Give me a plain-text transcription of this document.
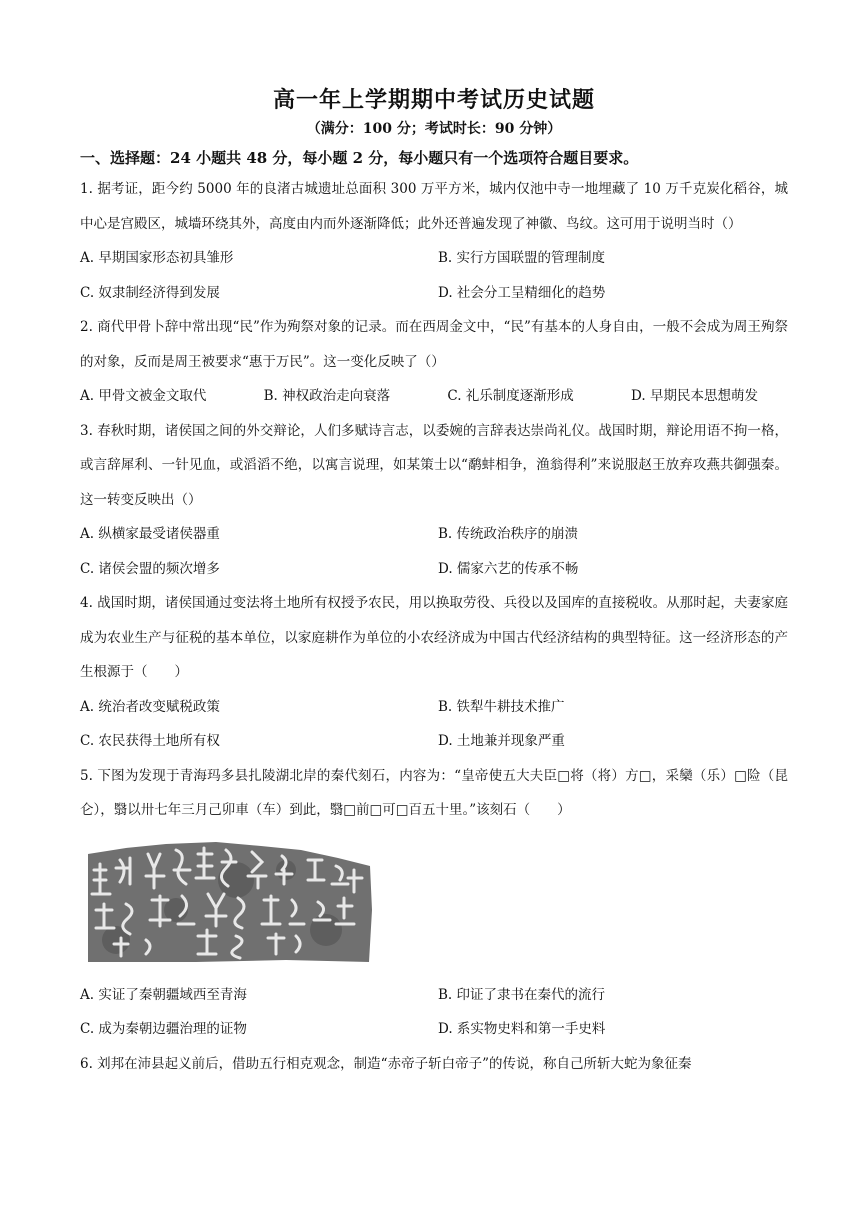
高一年上学期期中考试历史试题
（满分：100 分；考试时长：90 分钟）
一、选择题：24 小题共 48 分，每小题 2 分，每小题只有一个选项符合题目要求。

1. 据考证，距今约 5000 年的良渚古城遗址总面积 300 万平方米，城内仅池中寺一地埋藏了 10 万千克炭化稻谷，城中心是宫殿区，城墙环绕其外，高度由内而外逐渐降低；此外还普遍发现了神徽、鸟纹。这可用于说明当时（）

A. 早期国家形态初具雏形	B. 实行方国联盟的管理制度
C. 奴隶制经济得到发展	D. 社会分工呈精细化的趋势

2. 商代甲骨卜辞中常出现“民”作为殉祭对象的记录。而在西周金文中，“民”有基本的人身自由，一般不会成为周王殉祭的对象，反而是周王被要求“惠于万民”。这一变化反映了（）

A. 甲骨文被金文取代	B. 神权政治走向衰落	C. 礼乐制度逐渐形成	D. 早期民本思想萌发

3. 春秋时期，诸侯国之间的外交辩论，人们多赋诗言志，以委婉的言辞表达崇尚礼仪。战国时期，辩论用语不拘一格，或言辞犀利、一针见血，或滔滔不绝，以寓言说理，如某策士以“鹬蚌相争，渔翁得利”来说服赵王放弃攻燕共御强秦。这一转变反映出（）

A. 纵横家最受诸侯器重	B. 传统政治秩序的崩溃
C. 诸侯会盟的频次增多	D. 儒家六艺的传承不畅

4. 战国时期，诸侯国通过变法将土地所有权授予农民，用以换取劳役、兵役以及国库的直接税收。从那时起，夫妻家庭成为农业生产与征税的基本单位，以家庭耕作为单位的小农经济成为中国古代经济结构的典型特征。这一经济形态的产生根源于（　　）

A. 统治者改变赋税政策	B. 铁犁牛耕技术推广
C. 农民获得土地所有权	D. 土地兼并现象严重

5. 下图为发现于青海玛多县扎陵湖北岸的秦代刻石，内容为：“皇帝使五大夫臣□将（将）方□，采欒（乐）□险（昆仑），翳以卅七年三月己卯車（车）到此，翳□前□可□百五十里。”该刻石（　　）

A. 实证了秦朝疆域西至青海	B. 印证了隶书在秦代的流行
C. 成为秦朝边疆治理的证物	D. 系实物史料和第一手史料

6. 刘邦在沛县起义前后，借助五行相克观念，制造“赤帝子斩白帝子”的传说，称自己所斩大蛇为象征秦
